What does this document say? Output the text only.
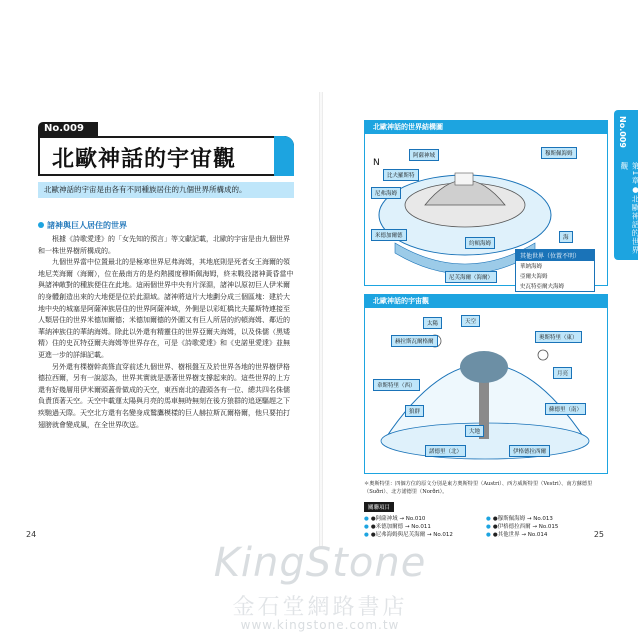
No.009
北歐神話的宇宙觀
北歐神話的宇宙是由各有不同種族居住的九個世界所構成的。
諸神與巨人居住的世界

根據《詩歌愛達》的「女先知的預言」等文獻記載，北歐的宇宙是由九個世界和一株世界樹所構成的。

九個世界當中位置最北的是極寒世界尼弗海姆，其地底則是死者女王海爾的領地尼芙海爾（海爾），位在最南方的是灼熱國度穆斯佩海姆，終末戰役諸神黃昏當中與諸神敵對的種族便住在此地。這兩個世界中央有片深淵，諸神以原初巨人伊米爾的身體創造出來的大地便是位於此淵域。諸神將這片大地劃分成三個區塊：建於大地中央的城塞是阿薩神族居住的世界阿薩神域，外側是以彩虹橋比夫羅斯特連接至人類居住的世界米德加爾德；米德加爾德的外圍又有巨人所居的約頓海姆、鄰近的華納神族住的華納海姆。除此以外還有精靈住的世界亞爾夫海姆，以及侏儒（黑矮精）住的史瓦特亞爾夫海姆等世界存在，可是《詩歌愛達》和《史諾里愛達》並無更進一步的詳細記載。

另外還有棵樹幹高聳直穿前述九個世界、樹根盤互及於世界各地的世界樹伊格德拉西爾，另有一說認為，世界其實就是憑著世界樹支撐起來的。這些世界的上方還有好幾層用伊米爾頭蓋骨做成的天空，東西南北的盡頭各有一位、總共四名侏儒負責頂著天空。天空中載運太陽與月亮的馬車無時無刻在後方狼群的追逐驅趕之下疾馳過天際。天空北方還有名變身成鷲鷹模樣的巨人赫拉斯瓦爾格爾，他只要拍打翅膀就會變成風，在全世界吹送。

24
No.009
第1章●北歐神話的世界觀
北歐神話的世界結構圖
N
阿薩神域	穆斯佩海姆
比夫羅斯特
尼弗海姆
米德加爾德
約頓海姆
尼芙海爾（海爾）
海
其他世界（位置不明）
華納海姆
亞爾夫海姆
史瓦特亞爾夫海姆
北歐神話的宇宙觀
太陽
月亮
赫拉斯瓦爾格爾
奧斯特里（東）
諾德里（北）
韋斯特里（西）
蘇德里（南）
伊格德拉西爾
天空
大地
狼群
＊奧斯特里：四個方位的原文分別是東方奧斯特里（Austri）、西方威斯特里（Vestri）、南方蘇德里（Suðri）、北方諾德里（Norðri）。
關聯項目
● ●阿薩神域 → No.010	● ●穆斯佩海姆 → No.013
● ●米德加爾德 → No.011	● ●伊格德拉西爾 → No.015
● ●尼弗海姆與尼芙海爾 → No.012	● ●其他世界 → No.014	25
KingStone
金石堂網路書店
www.kingstone.com.tw
